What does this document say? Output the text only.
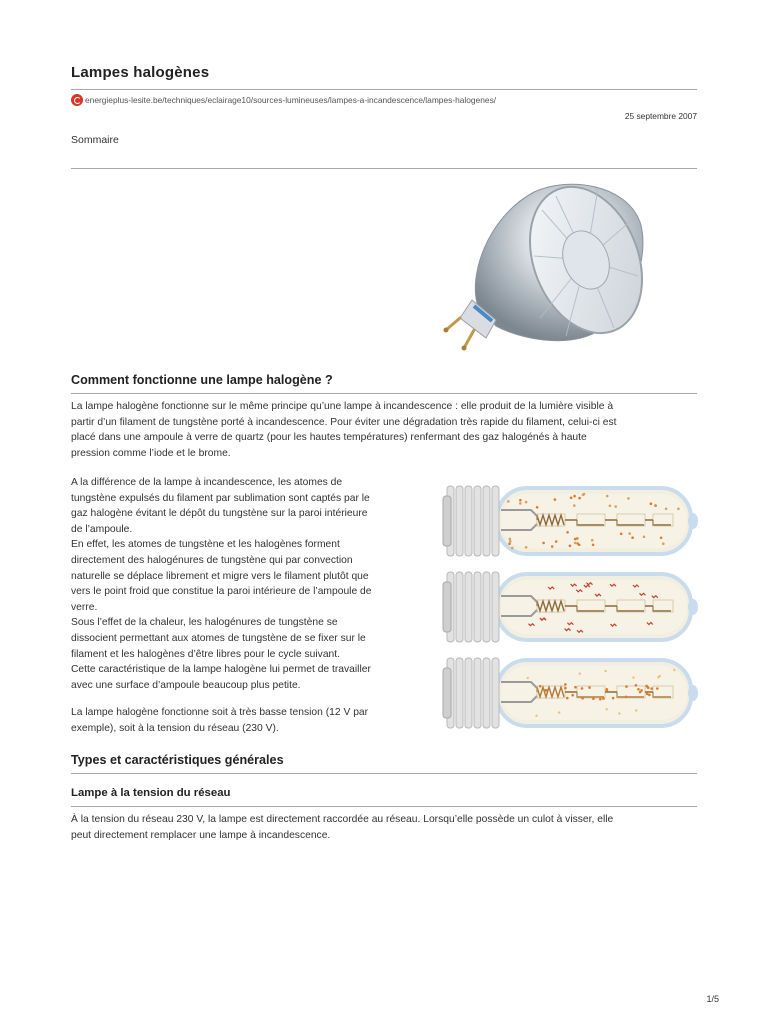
Lampes halogènes
energieplus-lesite.be/techniques/eclairage10/sources-lumineuses/lampes-a-incandescence/lampes-halogenes/
25 septembre 2007
Sommaire
Comment fonctionne une lampe halogène ?
La lampe halogène fonctionne sur le même principe qu’une lampe à incandescence : elle produit de la lumière visible à
partir d’un filament de tungstène porté à incandescence. Pour éviter une dégradation très rapide du filament, celui-ci est
placé dans une ampoule à verre de quartz (pour les hautes températures) renfermant des gaz halogénés à haute
pression comme l’iode et le brome.
A la différence de la lampe à incandescence, les atomes de
tungstène expulsés du filament par sublimation sont captés par le
gaz halogène évitant le dépôt du tungstène sur la paroi intérieure
de l’ampoule.
En effet, les atomes de tungstène et les halogènes forment
directement des halogénures de tungstène qui par convection
naturelle se déplace librement et migre vers le filament plutôt que
vers le point froid que constitue la paroi intérieure de l’ampoule de
verre.
Sous l’effet de la chaleur, les halogénures de tungstène se
dissocient permettant aux atomes de tungstène de se fixer sur le
filament et les halogènes d’être libres pour le cycle suivant.
Cette caractéristique de la lampe halogène lui permet de travailler
avec une surface d’ampoule beaucoup plus petite.
La lampe halogène fonctionne soit à très basse tension (12 V par
exemple), soit à la tension du réseau (230 V).
Types et caractéristiques générales
Lampe à la tension du réseau
À la tension du réseau 230 V, la lampe est directement raccordée au réseau. Lorsqu’elle possède un culot à visser, elle
peut directement remplacer une lampe à incandescence.
1/5
